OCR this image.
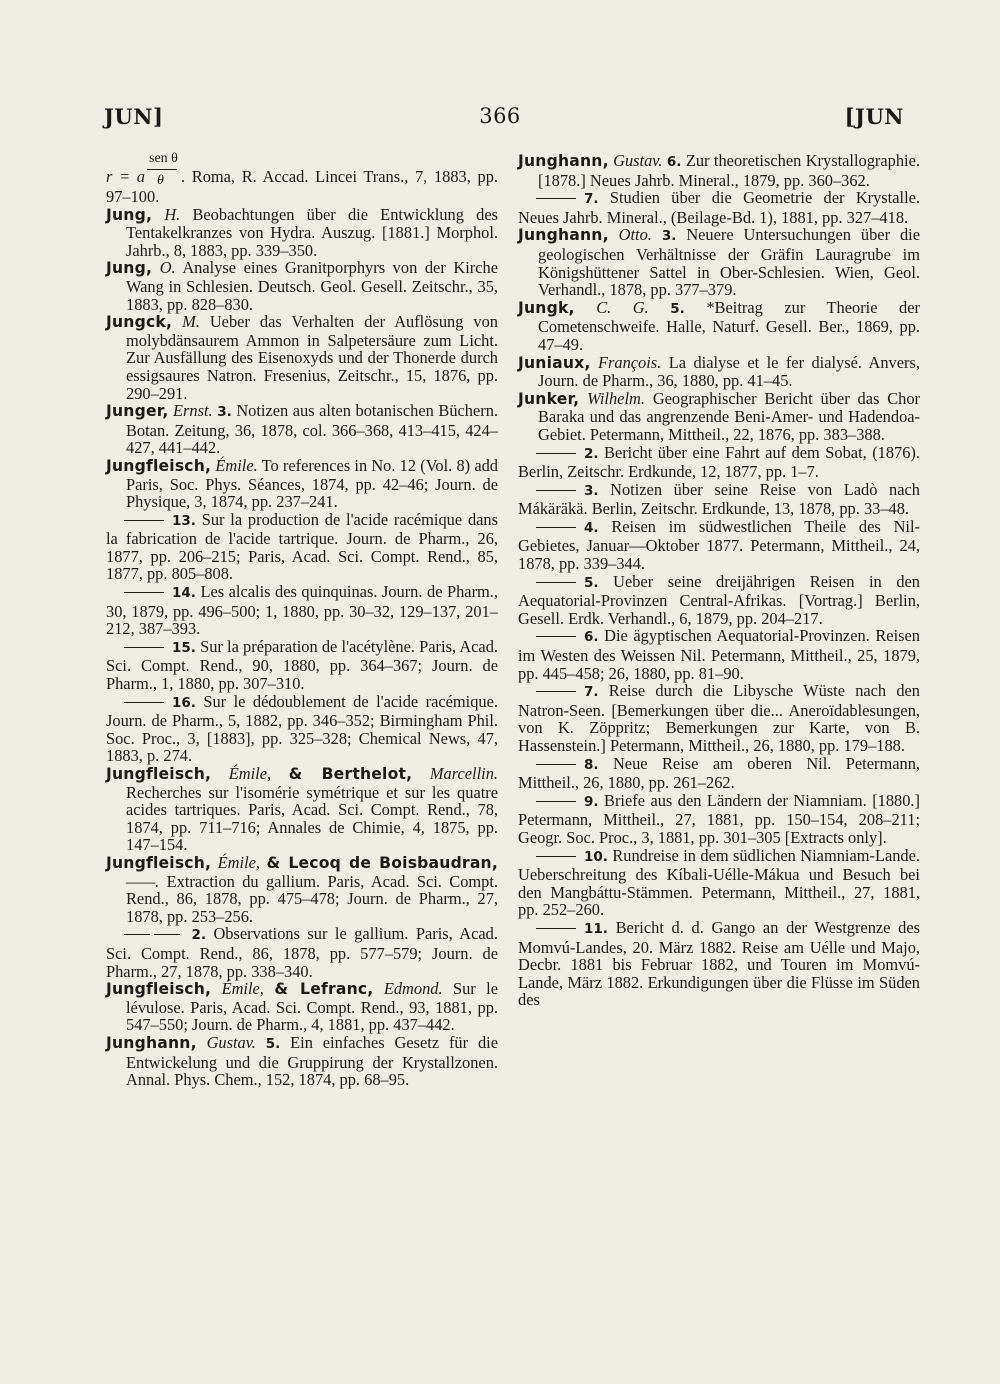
JUN]	366	[JUN

r = a $\frac{\text{sen θ}}{\theta}$ . Roma, R. Accad. Lincei Trans., 7, 1883, pp. 97–100.

Jung, H. Beobachtungen über die Entwicklung des Tentakelkranzes von Hydra. Auszug. [1881.] Morphol. Jahrb., 8, 1883, pp. 339–350.

Jung, O. Analyse eines Granitporphyrs von der Kirche Wang in Schlesien. Deutsch. Geol. Gesell. Zeitschr., 35, 1883, pp. 828–830.

Jungck, M. Ueber das Verhalten der Auflösung von molybdänsaurem Ammon in Salpetersäure zum Licht. Zur Ausfällung des Eisenoxyds und der Thonerde durch essigsaures Natron. Fresenius, Zeitschr., 15, 1876, pp. 290–291.

Junger, Ernst. 3. Notizen aus alten botanischen Büchern. Botan. Zeitung, 36, 1878, col. 366–368, 413–415, 424–427, 441–442.

Jungfleisch, Émile. To references in No. 12 (Vol. 8) add Paris, Soc. Phys. Séances, 1874, pp. 42–46; Journ. de Physique, 3, 1874, pp. 237–241.

13. Sur la production de l'acide racémique dans la fabrication de l'acide tartrique. Journ. de Pharm., 26, 1877, pp. 206–215; Paris, Acad. Sci. Compt. Rend., 85, 1877, pp. 805–808.

14. Les alcalis des quinquinas. Journ. de Pharm., 30, 1879, pp. 496–500; 1, 1880, pp. 30–32, 129–137, 201–212, 387–393.

15. Sur la préparation de l'acétylène. Paris, Acad. Sci. Compt. Rend., 90, 1880, pp. 364–367; Journ. de Pharm., 1, 1880, pp. 307–310.

16. Sur le dédoublement de l'acide racémique. Journ. de Pharm., 5, 1882, pp. 346–352; Birmingham Phil. Soc. Proc., 3, [1883], pp. 325–328; Chemical News, 47, 1883, p. 274.

Jungfleisch, Émile, & Berthelot, Marcellin. Recherches sur l'isomérie symétrique et sur les quatre acides tartriques. Paris, Acad. Sci. Compt. Rend., 78, 1874, pp. 711–716; Annales de Chimie, 4, 1875, pp. 147–154.

Jungfleisch, Émile, & Lecoq de Boisbaudran, ——. Extraction du gallium. Paris, Acad. Sci. Compt. Rend., 86, 1878, pp. 475–478; Journ. de Pharm., 27, 1878, pp. 253–256.

2. Observations sur le gallium. Paris, Acad. Sci. Compt. Rend., 86, 1878, pp. 577–579; Journ. de Pharm., 27, 1878, pp. 338–340.

Jungfleisch, Émile, & Lefranc, Edmond. Sur le lévulose. Paris, Acad. Sci. Compt. Rend., 93, 1881, pp. 547–550; Journ. de Pharm., 4, 1881, pp. 437–442.

Junghann, Gustav. 5. Ein einfaches Gesetz für die Entwickelung und die Gruppirung der Krystallzonen. Annal. Phys. Chem., 152, 1874, pp. 68–95.

Junghann, Gustav. 6. Zur theoretischen Krystallographie. [1878.] Neues Jahrb. Mineral., 1879, pp. 360–362.

7. Studien über die Geometrie der Krystalle. Neues Jahrb. Mineral., (Beilage-Bd. 1), 1881, pp. 327–418.

Junghann, Otto. 3. Neuere Untersuchungen über die geologischen Verhältnisse der Gräfin Lauragrube im Königshüttener Sattel in Ober-Schlesien. Wien, Geol. Verhandl., 1878, pp. 377–379.

Jungk, C. G. 5. *Beitrag zur Theorie der Cometenschweife. Halle, Naturf. Gesell. Ber., 1869, pp. 47–49.

Juniaux, François. La dialyse et le fer dialysé. Anvers, Journ. de Pharm., 36, 1880, pp. 41–45.

Junker, Wilhelm. Geographischer Bericht über das Chor Baraka und das angrenzende Beni-Amer- und Hadendoa-Gebiet. Petermann, Mittheil., 22, 1876, pp. 383–388.

2. Bericht über eine Fahrt auf dem Sobat, (1876). Berlin, Zeitschr. Erdkunde, 12, 1877, pp. 1–7.

3. Notizen über seine Reise von Ladò nach Mákäräkä. Berlin, Zeitschr. Erdkunde, 13, 1878, pp. 33–48.

4. Reisen im südwestlichen Theile des Nil-Gebietes, Januar—Oktober 1877. Petermann, Mittheil., 24, 1878, pp. 339–344.

5. Ueber seine dreijährigen Reisen in den Aequatorial-Provinzen Central-Afrikas. [Vortrag.] Berlin, Gesell. Erdk. Verhandl., 6, 1879, pp. 204–217.

6. Die ägyptischen Aequatorial-Provinzen. Reisen im Westen des Weissen Nil. Petermann, Mittheil., 25, 1879, pp. 445–458; 26, 1880, pp. 81–90.

7. Reise durch die Libysche Wüste nach den Natron-Seen. [Bemerkungen über die... Aneroïdablesungen, von K. Zöppritz; Bemerkungen zur Karte, von B. Hassenstein.] Petermann, Mittheil., 26, 1880, pp. 179–188.

8. Neue Reise am oberen Nil. Petermann, Mittheil., 26, 1880, pp. 261–262.

9. Briefe aus den Ländern der Niamniam. [1880.] Petermann, Mittheil., 27, 1881, pp. 150–154, 208–211; Geogr. Soc. Proc., 3, 1881, pp. 301–305 [Extracts only].

10. Rundreise in dem südlichen Niamniam-Lande. Ueberschreitung des Kíbali-Uélle-Mákua und Besuch bei den Mangbáttu-Stämmen. Petermann, Mittheil., 27, 1881, pp. 252–260.

11. Bericht d. d. Gango an der Westgrenze des Momvú-Landes, 20. März 1882. Reise am Uélle und Majo, Decbr. 1881 bis Februar 1882, und Touren im Momvú-Lande, März 1882. Erkundigungen über die Flüsse im Süden des
